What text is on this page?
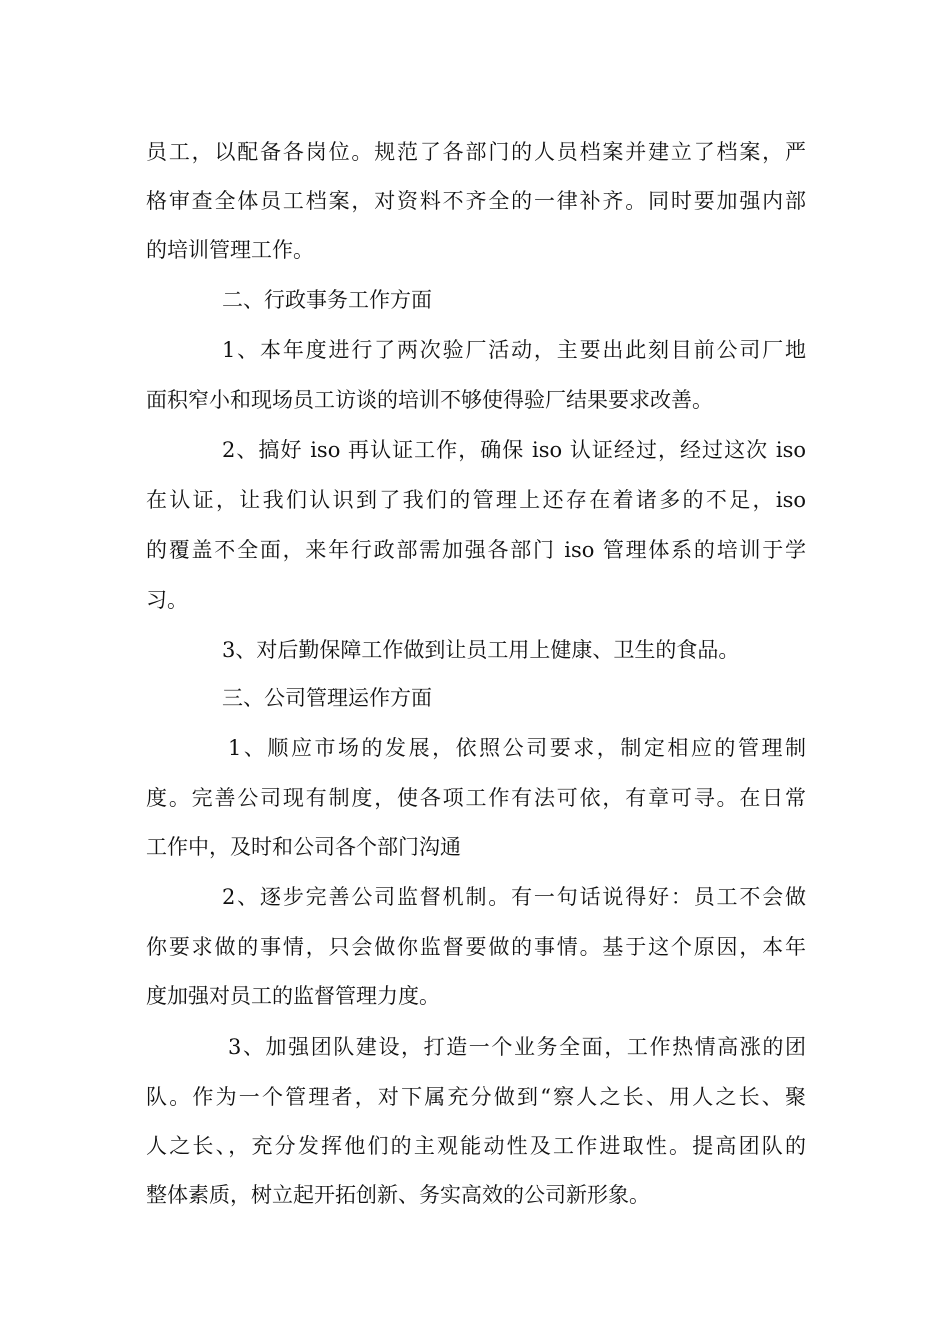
员工，以配备各岗位。规范了各部门的人员档案并建立了档案，严
格审查全体员工档案，对资料不齐全的一律补齐。同时要加强内部
的培训管理工作。
二、行政事务工作方面
1、本年度进行了两次验厂活动，主要出此刻目前公司厂地
面积窄小和现场员工访谈的培训不够使得验厂结果要求改善。
2、搞好 iso 再认证工作，确保 iso 认证经过，经过这次 iso
在认证，让我们认识到了我们的管理上还存在着诸多的不足，iso
的覆盖不全面，来年行政部需加强各部门 iso 管理体系的培训于学
习。
3、对后勤保障工作做到让员工用上健康、卫生的食品。
三、公司管理运作方面
1、顺应市场的发展，依照公司要求，制定相应的管理制
度。完善公司现有制度，使各项工作有法可依，有章可寻。在日常
工作中，及时和公司各个部门沟通
2、逐步完善公司监督机制。有一句话说得好：员工不会做
你要求做的事情，只会做你监督要做的事情。基于这个原因，本年
度加强对员工的监督管理力度。
3、加强团队建设，打造一个业务全面，工作热情高涨的团
队。作为一个管理者，对下属充分做到“察人之长、用人之长、聚
人之长、，充分发挥他们的主观能动性及工作进取性。提高团队的
整体素质，树立起开拓创新、务实高效的公司新形象。
